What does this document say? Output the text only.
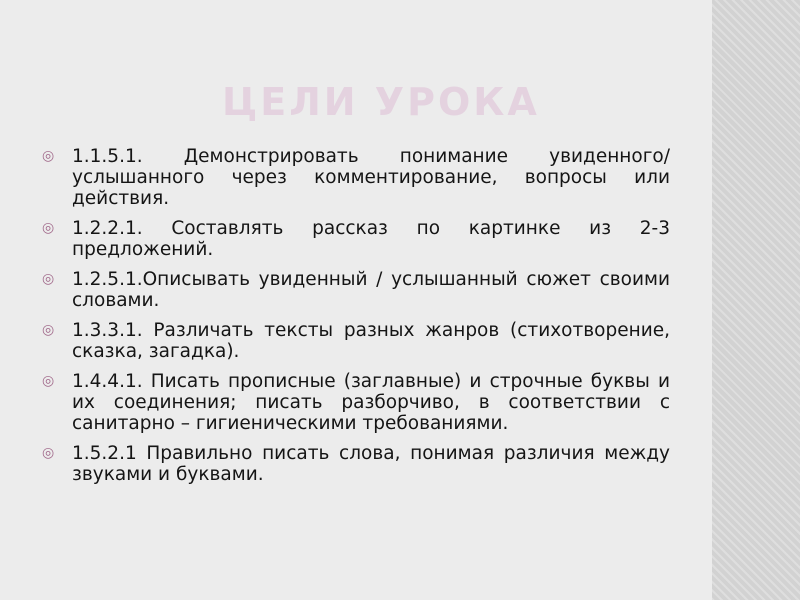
ЦЕЛИ УРОКА
◎ 1.1.5.1. Демонстрировать понимание увиденного/ услышанного через комментирование, вопросы или действия.
◎ 1.2.2.1. Составлять рассказ по картинке из 2-3 предложений.
◎ 1.2.5.1.Описывать увиденный / услышанный сюжет своими словами.
◎ 1.3.3.1. Различать тексты разных жанров (стихотворение, сказка, загадка).
◎ 1.4.4.1. Писать прописные (заглавные) и строчные буквы и их соединения; писать разборчиво, в соответствии с санитарно – гигиеническими требованиями.
◎ 1.5.2.1 Правильно писать слова, понимая различия между звуками и буквами.
